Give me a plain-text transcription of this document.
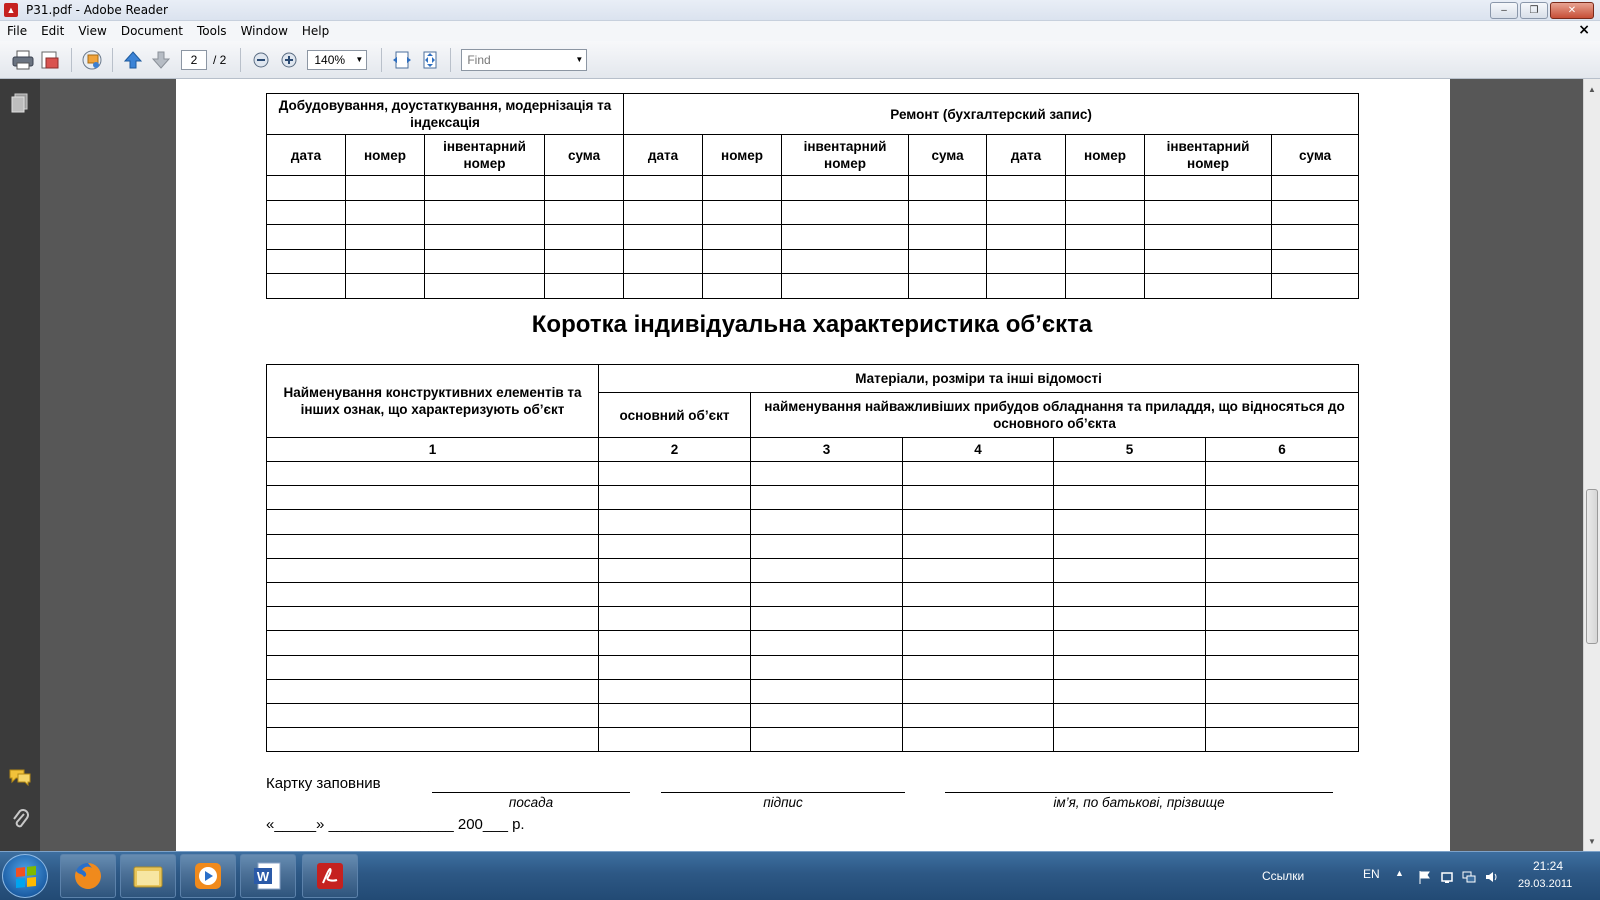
▲ P31.pdf - Adobe Reader	–	❐	✕
File	Edit	View	Document	Tools	Window	Help	×
2	/ 2	140% ▼	Find	▼
Добудовування, доустаткування, модернізація та індексація				Ремонт (бухгалтерский запис)							
дата	номер	інвентарний номер	сума	дата	номер	інвентарний номер	сума	дата	номер	інвентарний номер	сума

Коротка індивідуальна характеристика об’єкта
Найменування конструктивних елементів та інших ознак, що характеризують об’єкт	Матеріали, розміри та інші відомості				
	основний об’єкт	найменування найважливіших прибудов обладнання та приладдя, що відносяться до основного об’єкта			
1	2	3	4	5	6

Картку заповнив
посада	підпис	ім’я, по батькові, прізвище
«_____» _______________ 200___ р.
▲
▼
W	Ссылки	EN ▲	21:24
29.03.2011
